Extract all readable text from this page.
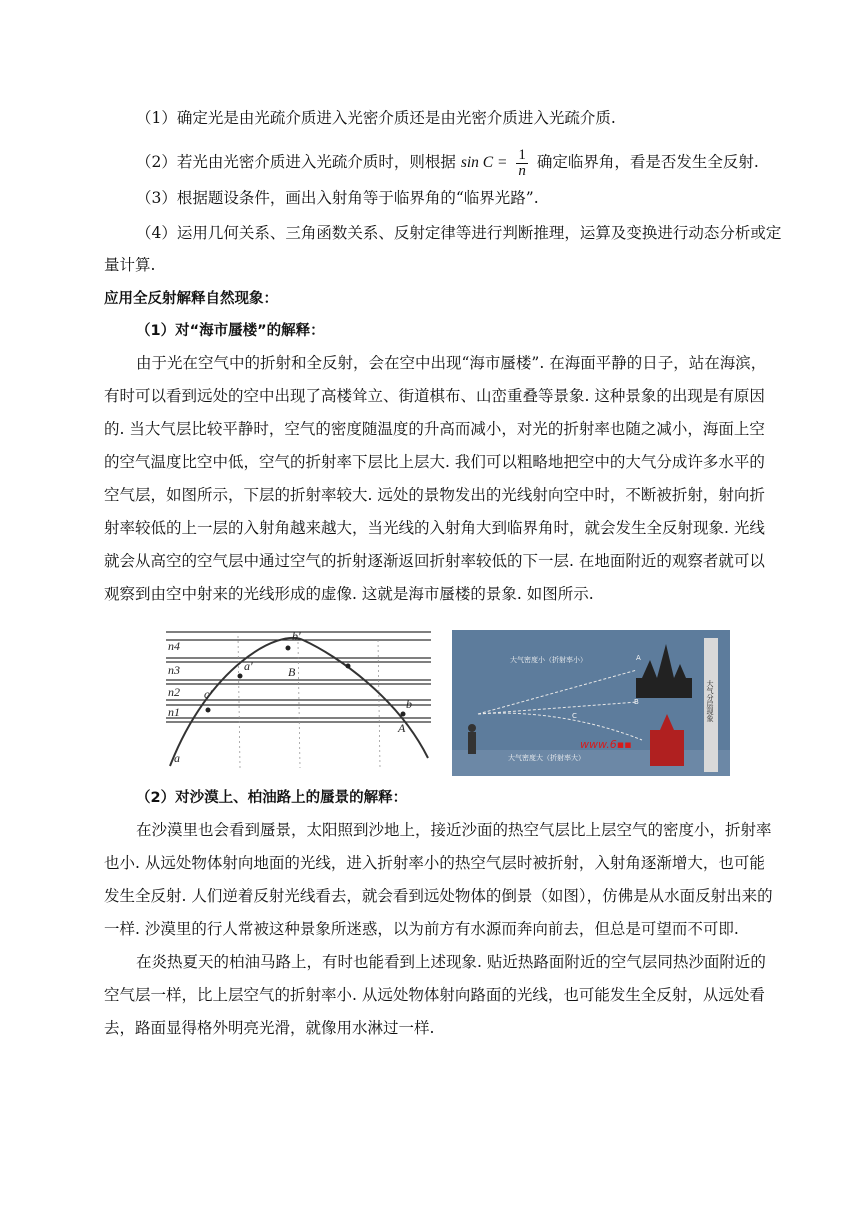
（1）确定光是由光疏介质进入光密介质还是由光密介质进入光疏介质.
（2）若光由光密介质进入光疏介质时，则根据 $\sin C = \frac{1}{n}$ 确定临界角，看是否发生全反射.
（3）根据题设条件，画出入射角等于临界角的“临界光路”.
（4）运用几何关系、三角函数关系、反射定律等进行判断推理，运算及变换进行动态分析或定
量计算.
应用全反射解释自然现象：
（1）对“海市蜃楼”的解释：
由于光在空气中的折射和全反射，会在空中出现“海市蜃楼”. 在海面平静的日子，站在海滨，
有时可以看到远处的空中出现了高楼耸立、街道棋布、山峦重叠等景象. 这种景象的出现是有原因
的. 当大气层比较平静时，空气的密度随温度的升高而减小，对光的折射率也随之减小，海面上空
的空气温度比空中低，空气的折射率下层比上层大. 我们可以粗略地把空中的大气分成许多水平的
空气层，如图所示，下层的折射率较大. 远处的景物发出的光线射向空中时，不断被折射，射向折
射率较低的上一层的入射角越来越大，当光线的入射角大到临界角时，就会发生全反射现象. 光线
就会从高空的空气层中通过空气的折射逐渐返回折射率较低的下一层. 在地面附近的观察者就可以
观察到由空中射来的光线形成的虚像. 这就是海市蜃楼的景象. 如图所示.
n4
n3
n2
n1
b'
a'	B
c'
b
a
A
大气密度小（折射率小）
大气密度大（折射率大）
A
B
C	大气分层现象
www.6▪▪
（2）对沙漠上、柏油路上的蜃景的解释：
在沙漠里也会看到蜃景，太阳照到沙地上，接近沙面的热空气层比上层空气的密度小，折射率
也小. 从远处物体射向地面的光线，进入折射率小的热空气层时被折射，入射角逐渐增大，也可能
发生全反射. 人们逆着反射光线看去，就会看到远处物体的倒景（如图），仿佛是从水面反射出来的
一样. 沙漠里的行人常被这种景象所迷惑，以为前方有水源而奔向前去，但总是可望而不可即.
在炎热夏天的柏油马路上，有时也能看到上述现象. 贴近热路面附近的空气层同热沙面附近的
空气层一样，比上层空气的折射率小. 从远处物体射向路面的光线，也可能发生全反射，从远处看
去，路面显得格外明亮光滑，就像用水淋过一样.
